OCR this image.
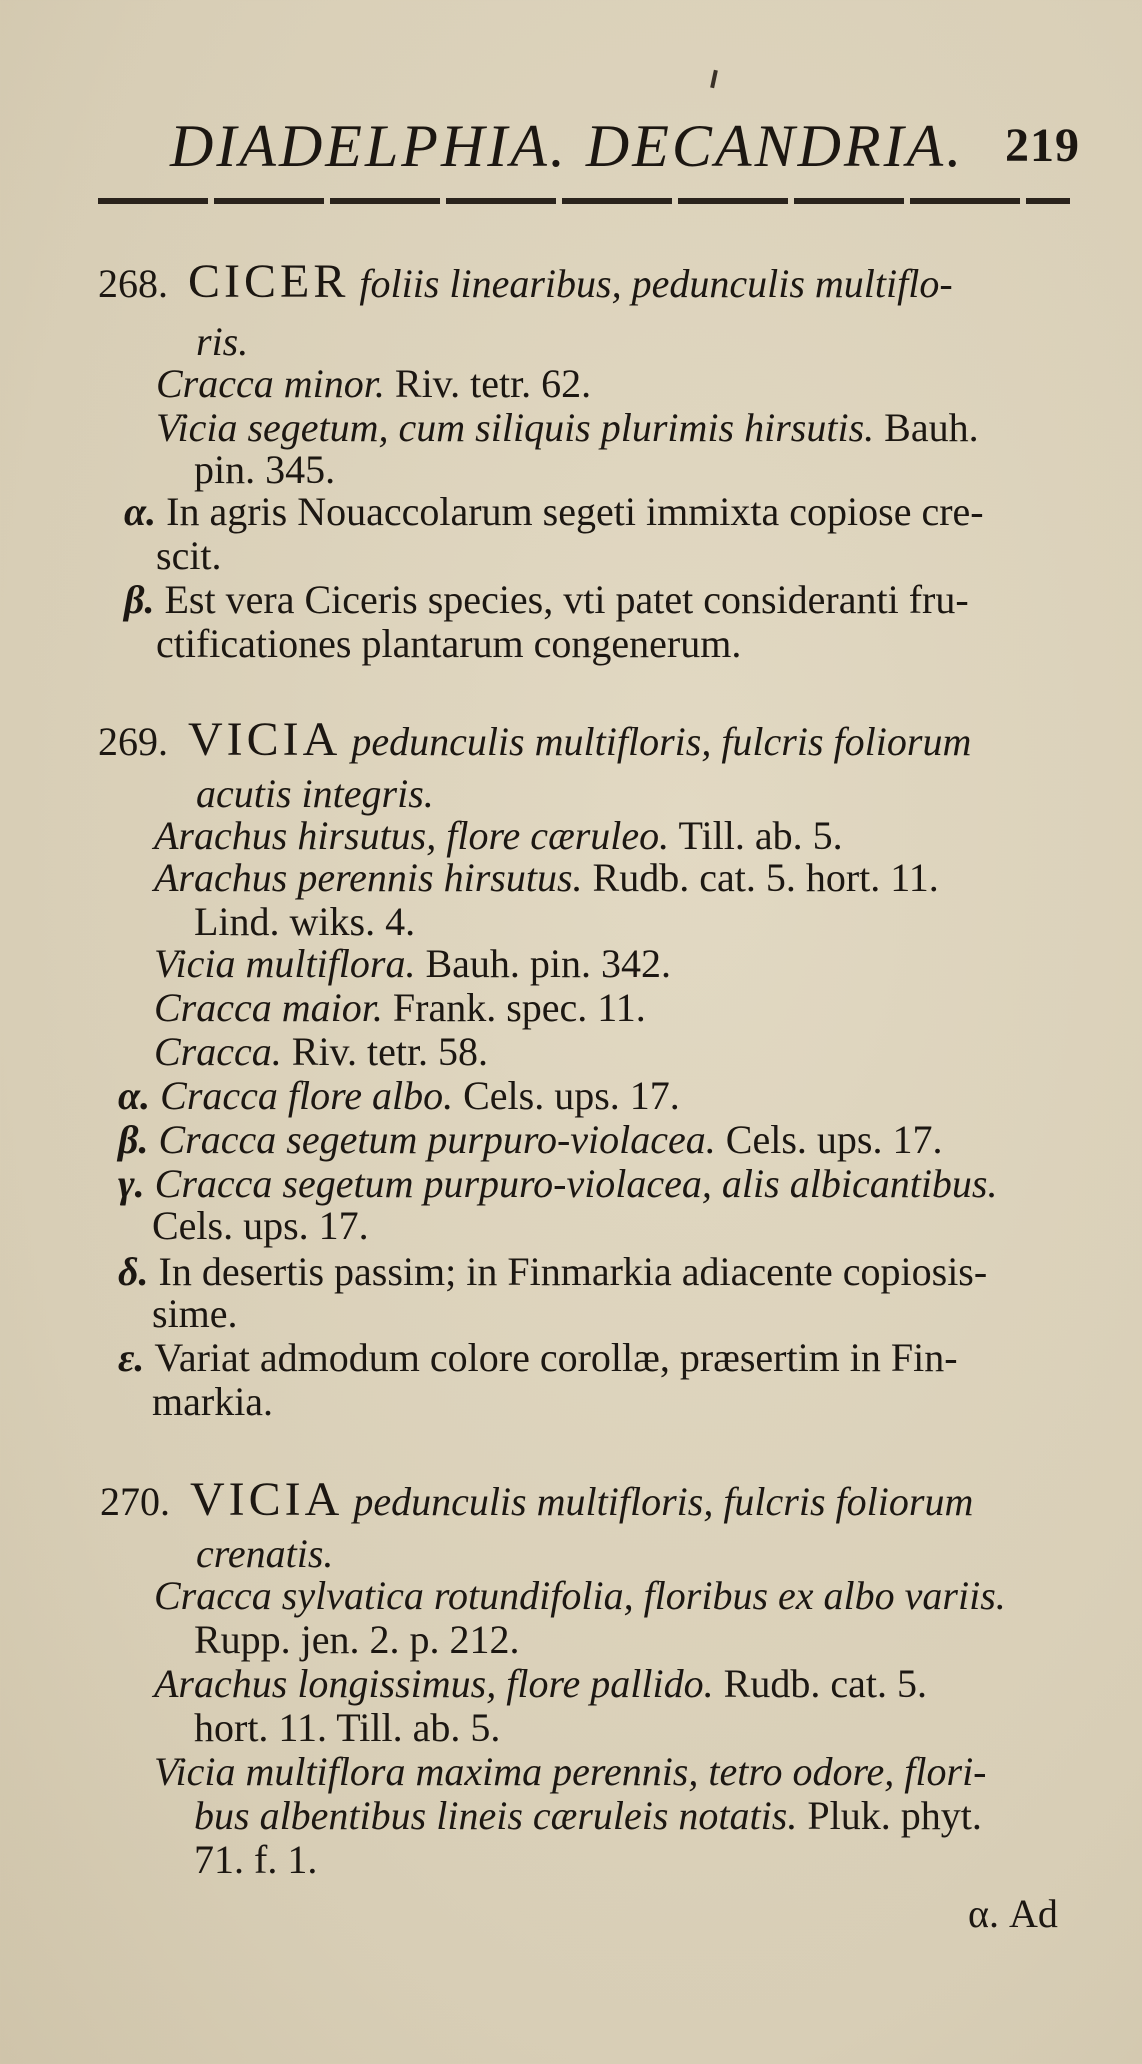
DIADELPHIA. DECANDRIA. 219
268. CICER foliis linearibus, pedunculis multiflo-
ris.
Cracca minor. Riv. tetr. 62.
Vicia segetum, cum siliquis plurimis hirsutis. Bauh.
pin. 345.
α. In agris Nouaccolarum segeti immixta copiose cre-
scit.
β. Est vera Ciceris species, vti patet consideranti fru-
ctificationes plantarum congenerum.
269. VICIA pedunculis multifloris, fulcris foliorum
acutis integris.
Arachus hirsutus, flore cæruleo. Till. ab. 5.
Arachus perennis hirsutus. Rudb. cat. 5. hort. 11.
Lind. wiks. 4.
Vicia multiflora. Bauh. pin. 342.
Cracca maior. Frank. spec. 11.
Cracca. Riv. tetr. 58.
α. Cracca flore albo. Cels. ups. 17.
β. Cracca segetum purpuro-violacea. Cels. ups. 17.
γ. Cracca segetum purpuro-violacea, alis albicantibus.
Cels. ups. 17.
δ. In desertis passim; in Finmarkia adiacente copiosis-
sime.
ε. Variat admodum colore corollæ, præsertim in Fin-
markia.
270. VICIA pedunculis multifloris, fulcris foliorum
crenatis.
Cracca sylvatica rotundifolia, floribus ex albo variis.
Rupp. jen. 2. p. 212.
Arachus longissimus, flore pallido. Rudb. cat. 5.
hort. 11. Till. ab. 5.
Vicia multiflora maxima perennis, tetro odore, flori-
bus albentibus lineis cæruleis notatis. Pluk. phyt.
71. f. 1.
α. Ad
